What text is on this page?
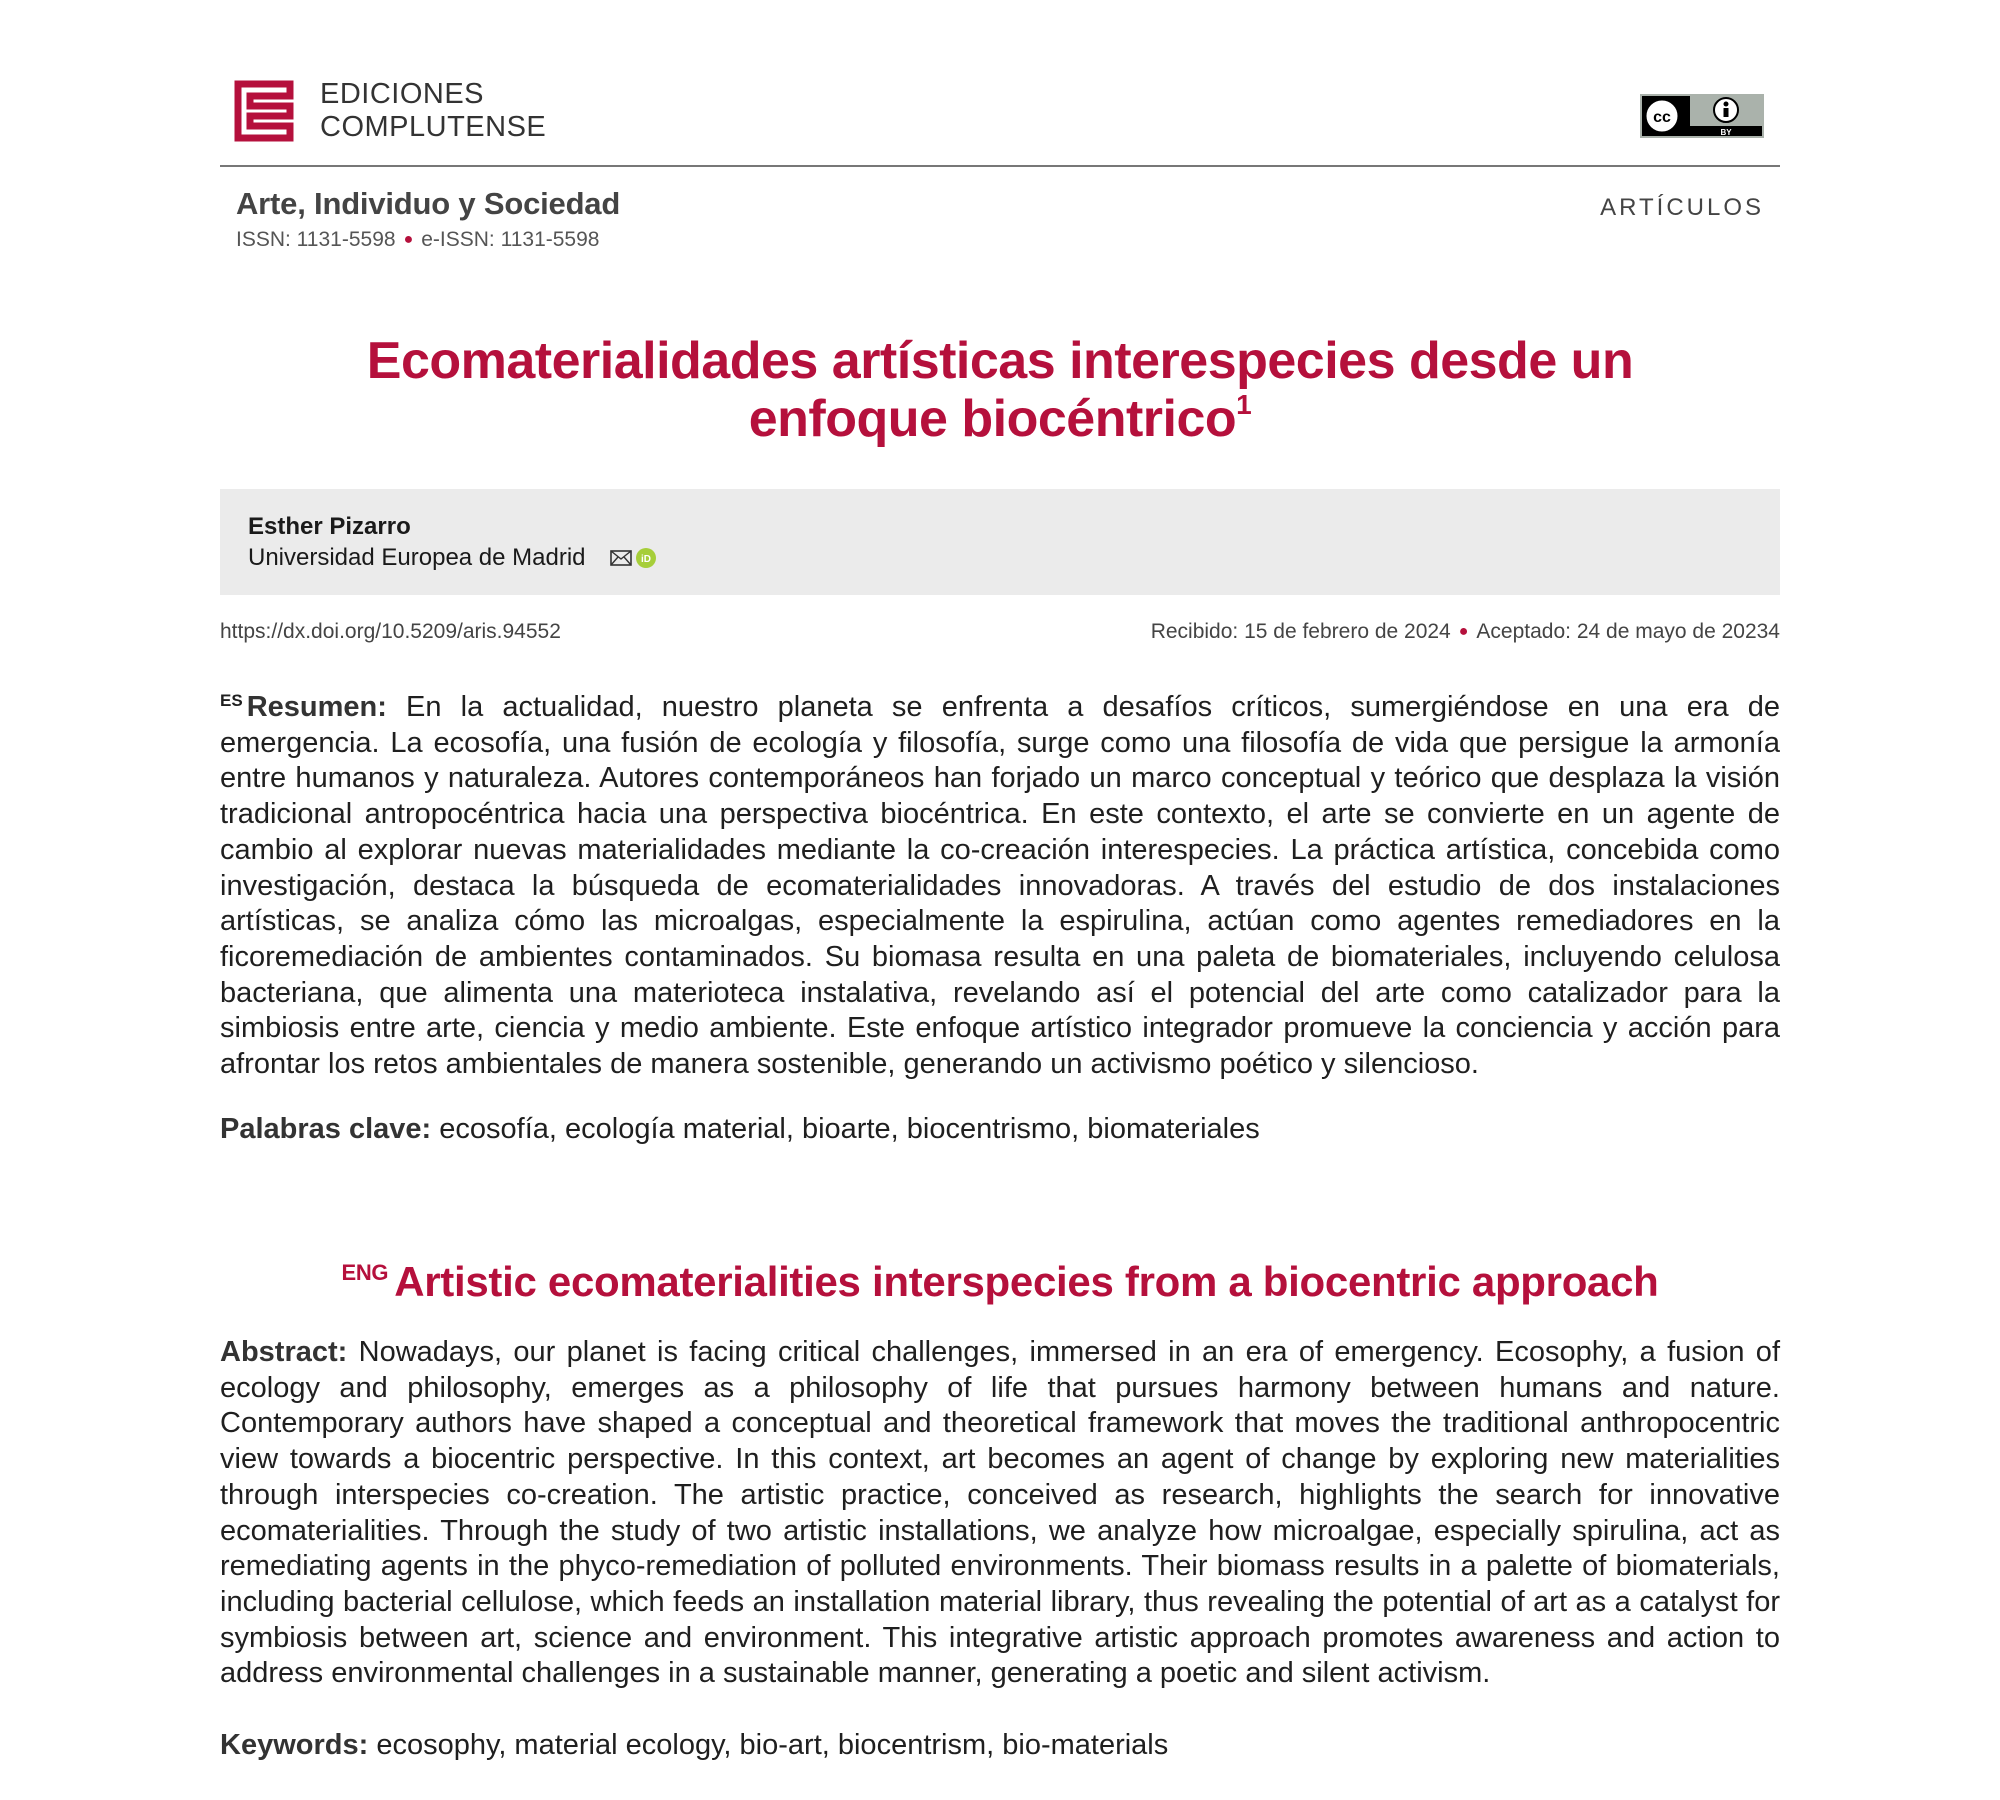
EDICIONES
COMPLUTENSE	cc
BY
Arte, Individuo y Sociedad
ISSN: 1131-5598 ● e-ISSN: 1131-5598
ARTÍCULOS
Ecomaterialidades artísticas interespecies desde un
enfoque biocéntrico$^1$
Esther Pizarro
Universidad Europea de Madrid	iD
https://dx.doi.org/10.5209/aris.94552	Recibido: 15 de febrero de 2024 ● Aceptado: 24 de mayo de 20234
$^{ES}$ Resumen: En la actualidad, nuestro planeta se enfrenta a desafíos críticos, sumergiéndose en una era de emergencia. La ecosofía, una fusión de ecología y filosofía, surge como una filosofía de vida que persigue la armonía entre humanos y naturaleza. Autores contemporáneos han forjado un marco conceptual y teórico que desplaza la visión tradicional antropocéntrica hacia una perspectiva biocéntrica. En este contexto, el arte se convierte en un agente de cambio al explorar nuevas materialidades mediante la co-creación interespecies. La práctica artística, concebida como investigación, destaca la búsqueda de ecomaterialidades innovadoras. A través del estudio de dos instalaciones artísticas, se analiza cómo las microalgas, especialmente la espirulina, actúan como agentes remediadores en la ficoremediación de ambientes contaminados. Su biomasa resulta en una paleta de biomateriales, incluyendo celulosa bacteriana, que alimenta una materioteca instalativa, revelando así el potencial del arte como catalizador para la simbiosis entre arte, ciencia y medio ambiente. Este enfoque artístico integrador promueve la conciencia y acción para afrontar los retos ambientales de manera sostenible, generando un activismo poético y silencioso.
Palabras clave: ecosofía, ecología material, bioarte, biocentrismo, biomateriales
$^{ENG}$ Artistic ecomaterialities interspecies from a biocentric approach
Abstract: Nowadays, our planet is facing critical challenges, immersed in an era of emergency. Ecosophy, a fusion of ecology and philosophy, emerges as a philosophy of life that pursues harmony between humans and nature. Contemporary authors have shaped a conceptual and theoretical framework that moves the traditional anthropocentric view towards a biocentric perspective. In this context, art becomes an agent of change by exploring new materialities through interspecies co-creation. The artistic practice, conceived as research, highlights the search for innovative ecomaterialities. Through the study of two artistic installations, we analyze how microalgae, especially spirulina, act as remediating agents in the phyco-remediation of polluted environments. Their biomass results in a palette of biomaterials, including bacterial cellulose, which feeds an installation material library, thus revealing the potential of art as a catalyst for symbiosis between art, science and environment. This integrative artistic approach promotes awareness and action to address environmental challenges in a sustainable manner, generating a poetic and silent activism.
Keywords: ecosophy, material ecology, bio-art, biocentrism, bio-materials
